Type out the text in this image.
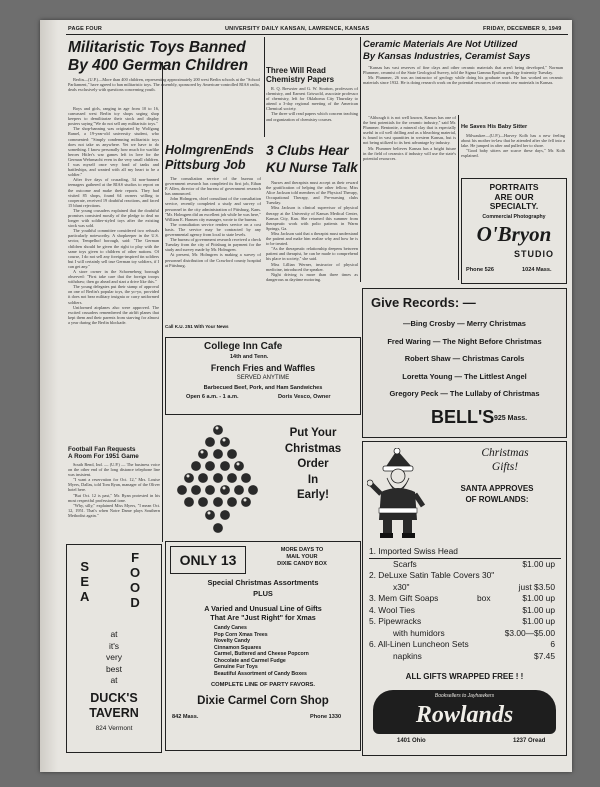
PAGE FOUR	UNIVERSITY DAILY KANSAN, LAWRENCE, KANSAS	FRIDAY, DECEMBER 9, 1949
Militaristic Toys Banned
By 400 German Children

Berlin—(U.P.)—More than 400 children, representing approximately 200 west Berlin schools at the "School Parliament," have agreed to ban militaristic toys. The assembly, sponsored by American-controlled RIAS radio, deals exclusively with questions concerning youth.

Boys and girls, ranging in age from 10 to 16, canvassed west Berlin toy shops urging shop keepers to demilitarize their stock and display posters saying "We do not sell any militaristic toys."

The shop-banning was originated by Wolfgang Ramel, a 19-year-old university student, who commented: "Simply condemning militaristic toys does not take us anywhere. Yet we have to do something. I know personally how much for warlike heroes Hitler's war games left in love for the German Wehrmacht even in the very small children. I was myself once very fond of tanks and battleships, and wanted with all my heart to be a soldier."

After five days of crusading, 34 non-banned teenagers gathered at the RIAS studios to report on the outcome and make their reports. They had visited 85 shops, found 64 owners willing to cooperate, received 19 doubtful reactions, and faced 15 blunt rejections.

The young crusaders explained that the doubtful promises consisted mostly of the pledge to deal no longer with soldier-styled toys after the existing stock was sold.

The youthful committee considered two refusals particularly noteworthy. A shopkeeper in the U.S. sector, Tempelhof borough, said: "The German children should be given the right to play with the same toys given to children of other nations. Of course, I do not sell any foreign-inspired tin soldiers but I will certainly sell true German toy soldiers, if I can get any."

A store owner in the Schoeneberg borough observed: "First take care that the foreign troops withdraw; then go ahead and start a drive like this."

The young delegates put their stamp of approval on one of Berlin's popular toys, the yo-yo, provided it does not bear military insignia or carry uniformed soldiers.

Uniformed airplanes also were approved. The excited crusaders remembered the airlift planes that kept them and their parents from starving for almost a year during the Berlin blockade.

Football Fan Requests
A Room For 1951 Game

South Bend, Ind. — (U.P.) — The business voice on the other end of the long distance telephone line was insistent.

"I want a reservation for Oct. 12," Mrs. Louise Myers, Dallas, told Tom Ryan, manager of the Oliver hotel here.

"But Oct. 12 is past," Mr. Ryan protested in his most respectful professional tone.

"Why, silly," explained Miss Myers, "I mean Oct. 12, 1951. That's when Notre Dame plays Southern Methodist again."

Three Will Read
Chemistry Papers

R. Q. Brewster and G. W. Stratton, professors of chemistry, and Earnest Griswold, associate professor of chemistry, left for Oklahoma City Thursday to attend a 3-day regional meeting of the American Chemical society.

The three will read papers which concern teaching and organization of chemistry courses.

HolmgrenEnds
Pittsburg Job

The consultation service of the bureau of government research has completed its first job, Ethan P. Allen, director of the bureau of government research has announced.

John Holmgren, chief consultant of the consultation service, recently completed a study and survey of personnel in the city administration of Pittsburg, Kans. "Mr. Holmgren did an excellent job while he was here," William E. Hansen city manager, wrote to the bureau.

The consultation service renders service on a cost basis. The service may be contracted by any governmental agency from local to state levels.

The bureau of government research received a check Tuesday from the city of Pittsburg in payment for the study and survey made by Mr. Holmgren.

At present, Mr. Holmgren is making a survey of personnel distribution of the Crawford county hospital at Pittsburg.

Call K.U. 251 With Your News
3 Clubs Hear
KU Nurse Talk

Nurses and therapists must accept as their reward the gratification of helping the other fellow, Miss Alice Jackson told members of the Physical Therapy, Occupational Therapy, and Pre-nursing clubs Tuesday.

Miss Jackson is clinical supervisor of physical therapy at the University of Kansas Medical Center, Kansas City, Kan. She returned this summer from therapeutic work with polio patients in Warm Springs, Ga.

Miss Jackson said that a therapist must understand the patient and make him realize why and how he is to be treated.

"As the therapeutic relationship deepens between patient and therapist, he can be made to comprehend his place in society," she said.

Miss Lillian Werner, instructor of physical medicine, introduced the speaker.

Night driving is more than three times as dangerous as daytime motoring.

Ceramic Materials Are Not Utilized
By Kansas Industries, Ceramist Says

"Kansas has vast reserves of fine clays and other ceramic materials that aren't being developed," Norman Plummer, ceramist of the State Geological Survey, told the Sigma Gamma Epsilon geology fraternity Tuesday.

Mr. Plummer, 26 was an instructor of geology while doing his graduate work. He has worked on ceramic materials since 1932. He is doing research work on the potential resources of ceramic raw materials in Kansas.

"Although it is not well known, Kansas has one of the best potentials for the ceramic industry," said Mr. Plummer. Bentonite, a mineral clay that is especially useful in oil well drilling and as a bleaching material, is found in vast quantities in western Kansas, but is not being utilized to its best advantage by industry.

Mr. Plummer believes Kansas has a bright future in the field of ceramics if industry will use the state's potential resources.

He Saves His Baby Sitter

Milwaukee—(U.P.)—Harvey Kolb has a new feeling about his mother in-law that he attended after she fell into a lake. He jumped in after and pulled her to shore.

"Good baby sitters are scarce these days," Mr. Kolb explained.

PORTRAITS
ARE OUR
SPECIALTY.
Commercial Photography
O'Bryon
STUDIO
Phone 526	1024 Mass.
Give Records: —
—Bing Crosby — Merry Christmas
Fred Waring — The Night Before Christmas
Robert Shaw — Christmas Carols
Loretta Young — The Littlest Angel
Gregory Peck — The Lullaby of Christmas
BELL'S 925 Mass.
College Inn Cafe
14th and Tenn.
French Fries and Waffles
SERVED ANYTIME
Barbecued Beef, Pork, and Ham Sandwiches
Open 6 a.m. - 1 a.m.	Doris Vesco, Owner
Put Your
Christmas
Order
In
Early!
S
E
A
F
O
O
D
at
it's
very
best
at
DUCK'S
TAVERN
824 Vermont
ONLY 13
MORE DAYS TO
MAIL YOUR
DIXIE CANDY BOX
Special Christmas Assortments
PLUS
A Varied and Unusual Line of Gifts
That Are "Just Right" for Xmas
Candy Canes
Pop Corn Xmas Trees
Novelty Candy
Cinnamon Squares
Carmel, Buttered and Cheese Popcorn
Chocolate and Carmel Fudge
Genuine Fur Toys
Beautiful Assortment of Candy Boxes
COMPLETE LINE OF PARTY FAVORS.
Dixie Carmel Corn Shop
842 Mass.	Phone 1330
Christmas
Gifts!
SANTA APPROVES
OF ROWLANDS:
1. Imported Swiss Head
Scarfs	$1.00 up
2. DeLuxe Satin Table Covers 30"
x30"	just $3.50
3. Mem Gift Soaps	box	$1.00 up
4. Wool Ties	$1.00 up
5. Pipewracks	$1.00 up
with humidors	$3.00—$5.00
6. All-Linen Luncheon Sets	6
napkins	$7.45
ALL GIFTS WRAPPED FREE ! !
Booksellers to Jayhawkers
Rowlands
1401 Ohio	1237 Oread
